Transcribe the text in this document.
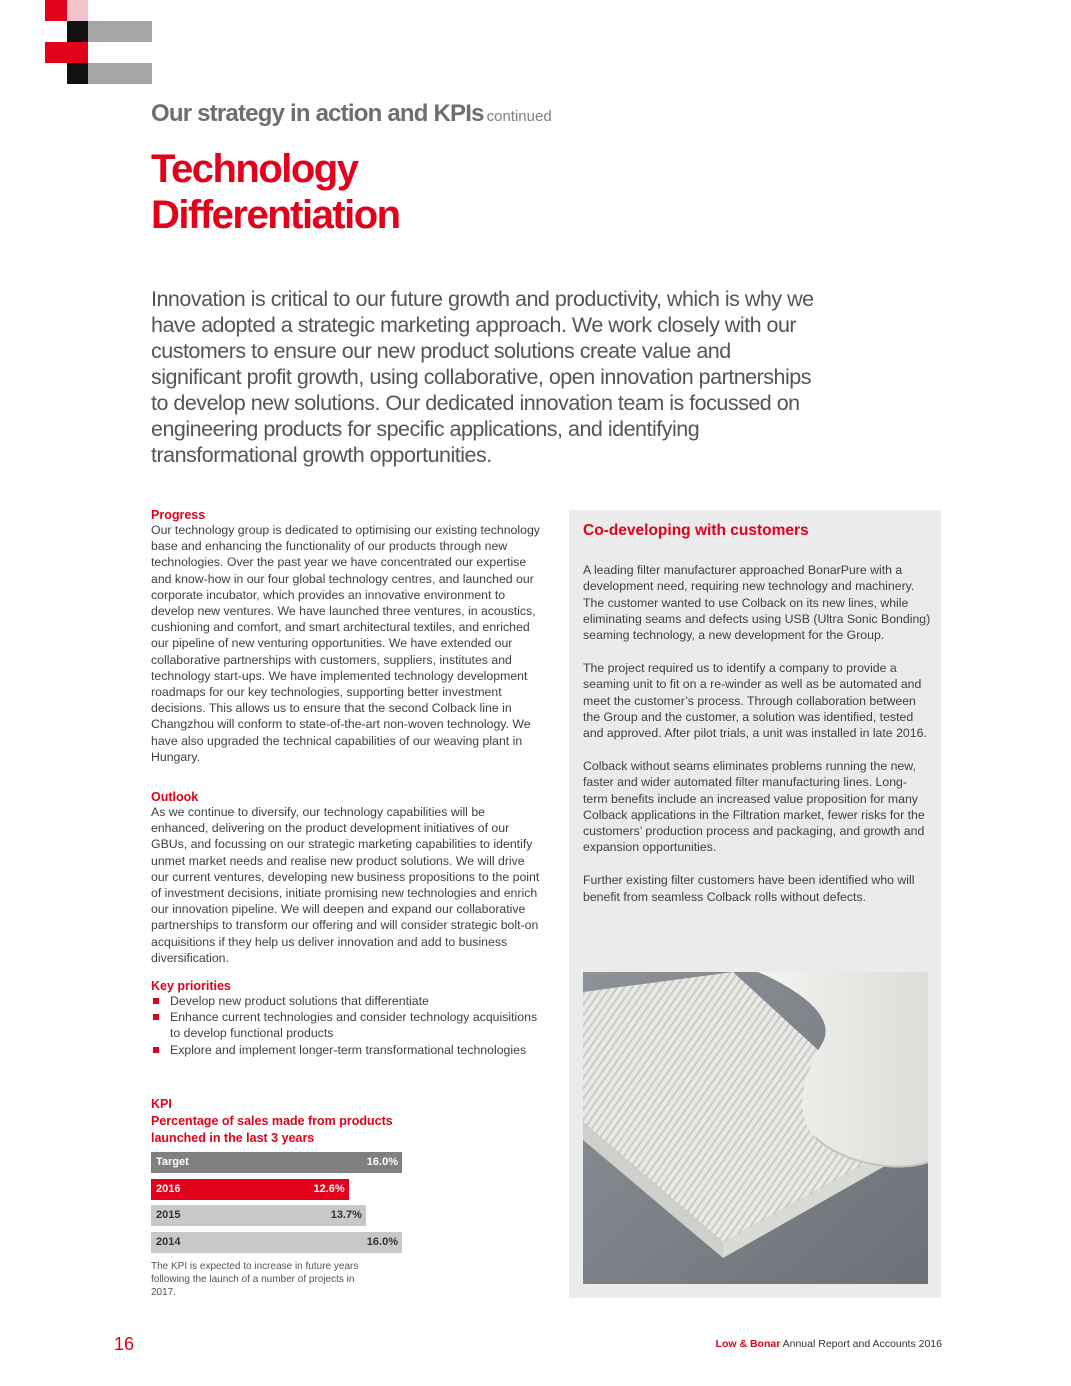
Our strategy in action and KPIs continued
Technology
Differentiation
Innovation is critical to our future growth and productivity, which is why we have adopted a strategic marketing approach. We work closely with our customers to ensure our new product solutions create value and significant profit growth, using collaborative, open innovation partnerships to develop new solutions. Our dedicated innovation team is focussed on engineering products for specific applications, and identifying transformational growth opportunities.
Progress
Our technology group is dedicated to optimising our existing technology base and enhancing the functionality of our products through new technologies. Over the past year we have concentrated our expertise and know-how in our four global technology centres, and launched our corporate incubator, which provides an innovative environment to develop new ventures. We have launched three ventures, in acoustics, cushioning and comfort, and smart architectural textiles, and enriched our pipeline of new venturing opportunities. We have extended our collaborative partnerships with customers, suppliers, institutes and technology start-ups. We have implemented technology development roadmaps for our key technologies, supporting better investment decisions. This allows us to ensure that the second Colback line in Changzhou will conform to state-of-the-art non-woven technology. We have also upgraded the technical capabilities of our weaving plant in Hungary.
Outlook
As we continue to diversify, our technology capabilities will be enhanced, delivering on the product development initiatives of our GBUs, and focussing on our strategic marketing capabilities to identify unmet market needs and realise new product solutions. We will drive our current ventures, developing new business propositions to the point of investment decisions, initiate promising new technologies and enrich our innovation pipeline. We will deepen and expand our collaborative partnerships to transform our offering and will consider strategic bolt-on acquisitions if they help us deliver innovation and add to business diversification.
Key priorities
Develop new product solutions that differentiate
Enhance current technologies and consider technology acquisitions to develop functional products
Explore and implement longer-term transformational technologies
KPI
Percentage of sales made from products
launched in the last 3 years
Target	16.0%
2016	12.6%
2015	13.7%
2014	16.0%
The KPI is expected to increase in future years following the launch of a number of projects in 2017.
Co-developing with customers

A leading filter manufacturer approached BonarPure with a development need, requiring new technology and machinery. The customer wanted to use Colback on its new lines, while eliminating seams and defects using USB (Ultra Sonic Bonding) seaming technology, a new development for the Group.

The project required us to identify a company to provide a seaming unit to fit on a re-winder as well as be automated and meet the customer’s process. Through collaboration between the Group and the customer, a solution was identified, tested and approved. After pilot trials, a unit was installed in late 2016.

Colback without seams eliminates problems running the new, faster and wider automated filter manufacturing lines. Long-term benefits include an increased value proposition for many Colback applications in the Filtration market, fewer risks for the customers’ production process and packaging, and growth and expansion opportunities.

Further existing filter customers have been identified who will benefit from seamless Colback rolls without defects.

16	Low & Bonar Annual Report and Accounts 2016
